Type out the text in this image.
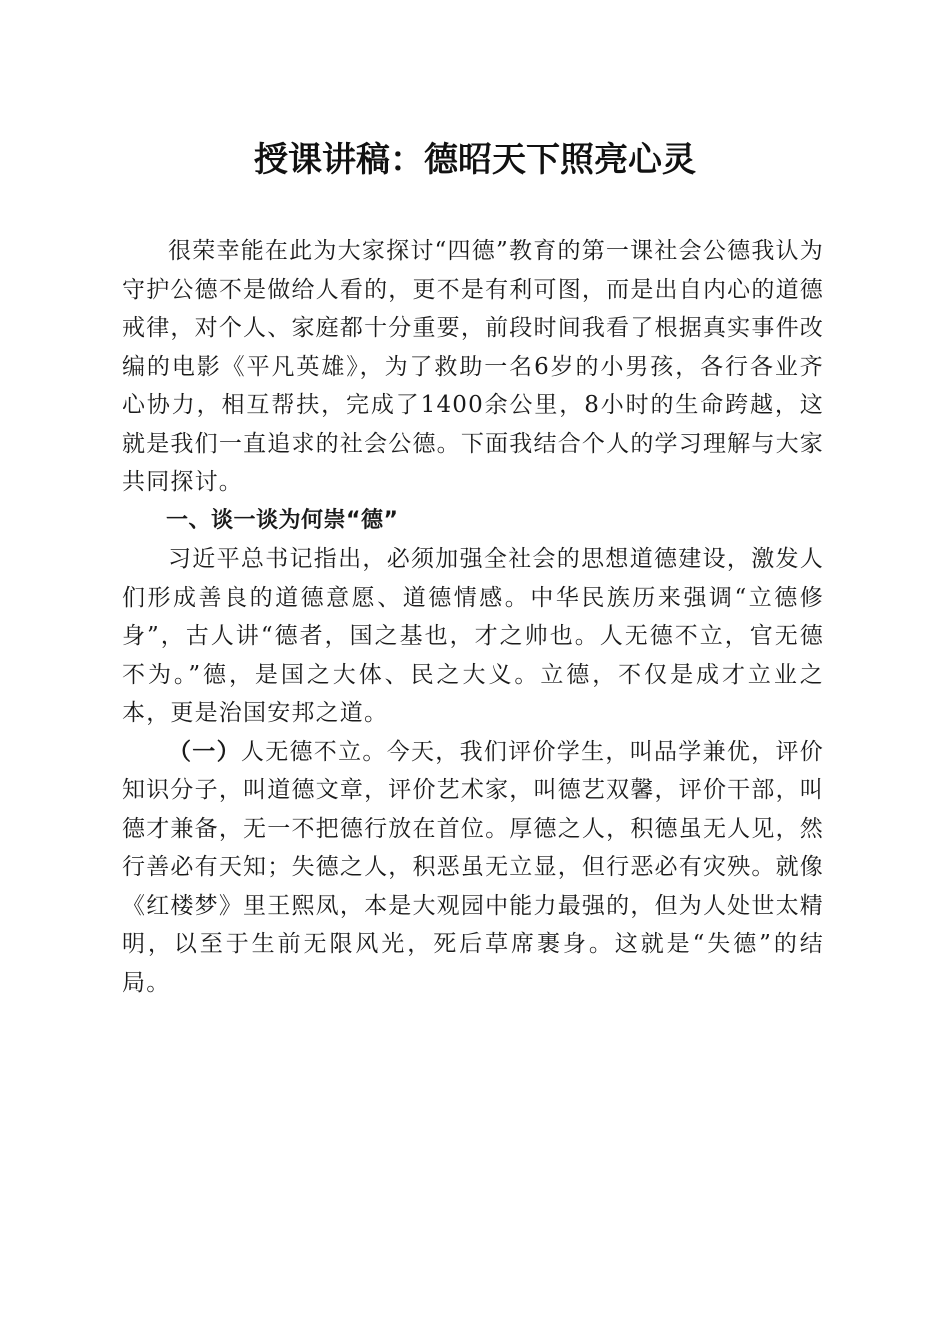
授课讲稿：德昭天下照亮心灵

很荣幸能在此为大家探讨“四德”教育的第一课社会公德我认为守护公德不是做给人看的，更不是有利可图，而是出自内心的道德戒律，对个人、家庭都十分重要，前段时间我看了根据真实事件改编的电影《平凡英雄》，为了救助一名6岁的小男孩，各行各业齐心协力，相互帮扶，完成了1400余公里，8小时的生命跨越，这就是我们一直追求的社会公德。下面我结合个人的学习理解与大家共同探讨。

一、谈一谈为何崇“德”

习近平总书记指出，必须加强全社会的思想道德建设，激发人们形成善良的道德意愿、道德情感。中华民族历来强调“立德修身”，古人讲“德者，国之基也，才之帅也。人无德不立，官无德不为。”德，是国之大体、民之大义。立德，不仅是成才立业之本，更是治国安邦之道。

（一）人无德不立。今天，我们评价学生，叫品学兼优，评价知识分子，叫道德文章，评价艺术家，叫德艺双馨，评价干部，叫德才兼备，无一不把德行放在首位。厚德之人，积德虽无人见，然行善必有天知；失德之人，积恶虽无立显，但行恶必有灾殃。就像《红楼梦》里王熙凤，本是大观园中能力最强的，但为人处世太精明，以至于生前无限风光，死后草席裹身。这就是“失德”的结局。
